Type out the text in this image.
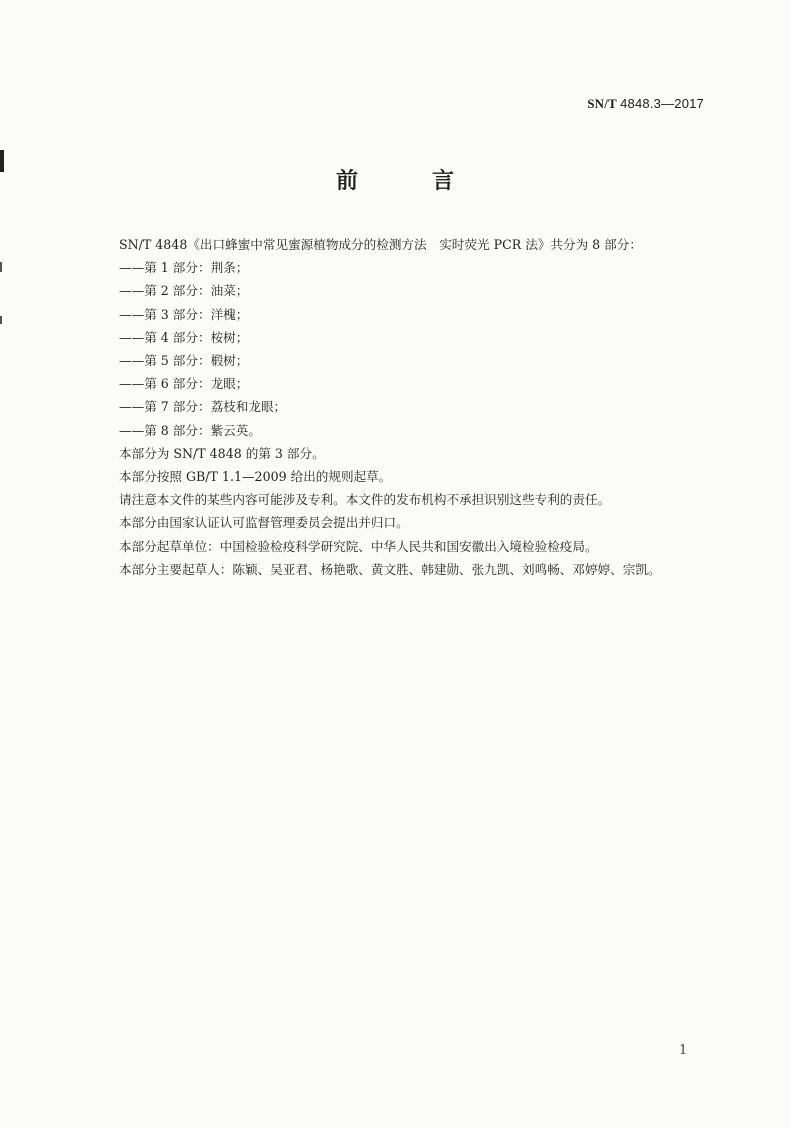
SN/T 4848.3—2017
前　言

SN/T 4848《出口蜂蜜中常见蜜源植物成分的检测方法　实时荧光 PCR 法》共分为 8 部分：

——第 1 部分：荆条；

——第 2 部分：油菜；

——第 3 部分：洋槐；

——第 4 部分：桉树；

——第 5 部分：椴树；

——第 6 部分：龙眼；

——第 7 部分：荔枝和龙眼；

——第 8 部分：紫云英。

本部分为 SN/T 4848 的第 3 部分。

本部分按照 GB/T 1.1—2009 给出的规则起草。

请注意本文件的某些内容可能涉及专利。本文件的发布机构不承担识别这些专利的责任。

本部分由国家认证认可监督管理委员会提出并归口。

本部分起草单位：中国检验检疫科学研究院、中华人民共和国安徽出入境检验检疫局。

本部分主要起草人：陈颖、吴亚君、杨艳歌、黄文胜、韩建勋、张九凯、刘鸣畅、邓婷婷、宗凯。

1
